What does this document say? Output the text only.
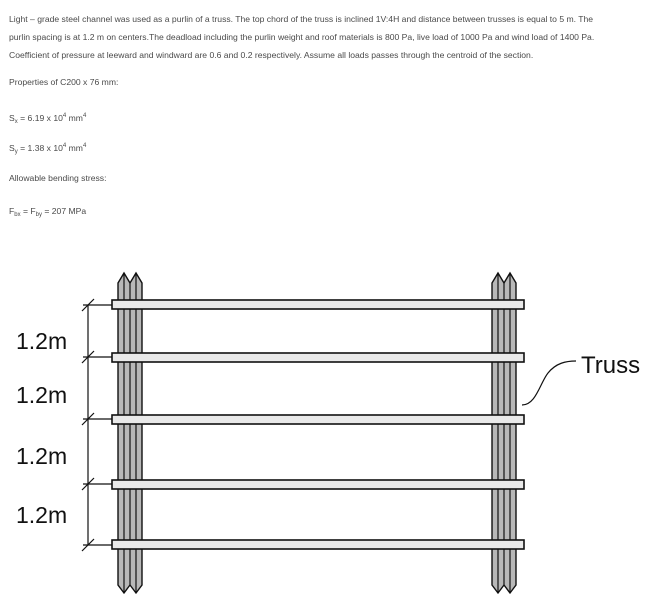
Light – grade steel channel was used as a purlin of a truss. The top chord of the truss is inclined 1V:4H and distance between trusses is equal to 5 m. The
purlin spacing is at 1.2 m on centers.The deadload including the purlin weight and roof materials is 800 Pa, live load of 1000 Pa and wind load of 1400 Pa.
Coefficient of pressure at leeward and windward are 0.6 and 0.2 respectively. Assume all loads passes through the centroid of the section.
Properties of C200 x 76 mm:
$S_x = 6.19$ x $10^4$ $mm^4$
$S_y = 1.38$ x $10^4$ $mm^4$
Allowable bending stress:
$F_{bx} = F_{by} = 207$ MPa
1.2m
1.2m
1.2m
1.2m
Truss
